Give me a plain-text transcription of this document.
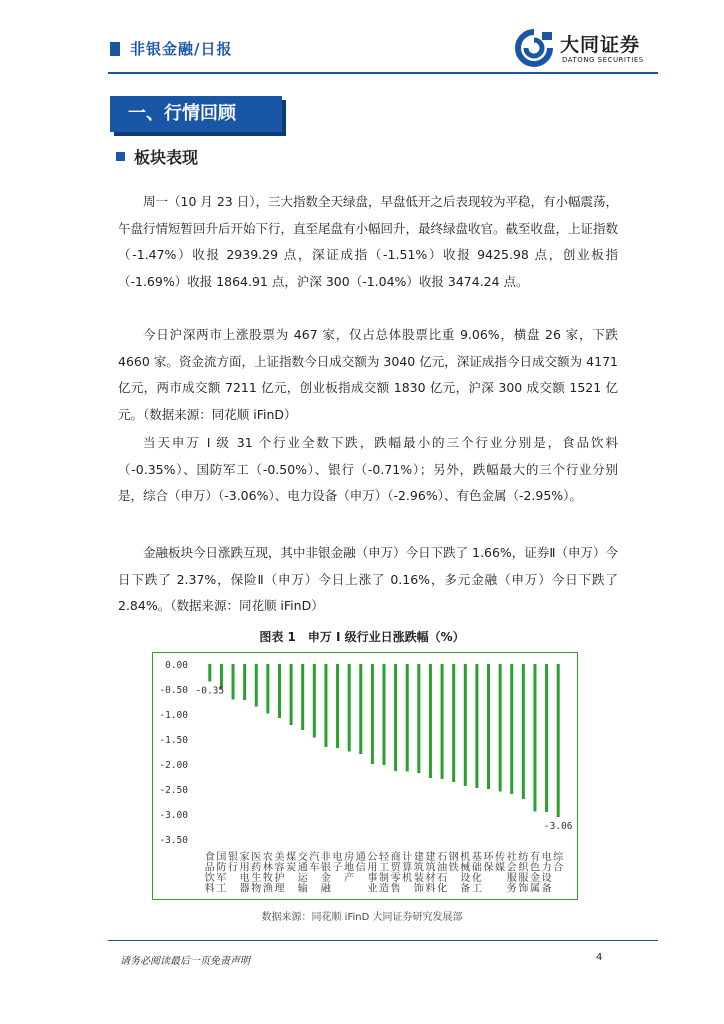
非银金融/日报	大同证券
DATONG SECURITIES
一、行情回顾
板块表现

周一（10 月 23 日），三大指数全天绿盘，早盘低开之后表现较为平稳，有小幅震荡，午盘行情短暂回升后开始下行，直至尾盘有小幅回升，最终绿盘收官。截至收盘，上证指数（-1.47%）收报 2939.29 点，深证成指（-1.51%）收报 9425.98 点，创业板指（-1.69%）收报 1864.91 点，沪深 300（-1.04%）收报 3474.24 点。

今日沪深两市上涨股票为 467 家，仅占总体股票比重 9.06%，横盘 26 家，下跌 4660 家。资金流方面，上证指数今日成交额为 3040 亿元，深证成指今日成交额为 4171 亿元，两市成交额 7211 亿元，创业板指成交额 1830 亿元，沪深 300 成交额 1521 亿元。（数据来源：同花顺 iFinD）

当天申万 I 级 31 个行业全数下跌，跌幅最小的三个行业分别是，食品饮料（-0.35%）、国防军工（-0.50%）、银行（-0.71%）；另外，跌幅最大的三个行业分别是，综合（申万）（-3.06%）、电力设备（申万）（-2.96%）、有色金属（-2.95%）。

金融板块今日涨跌互现，其中非银金融（申万）今日下跌了 1.66%，证券Ⅱ（申万）今日下跌了 2.37%，保险Ⅱ（申万）今日上涨了 0.16%，多元金融（申万）今日下跌了 2.84%。（数据来源：同花顺 iFinD）

图表 1　申万 I 级行业日涨跌幅（%）
0.00
-0.50
-1.00
-1.50
-2.00
-2.50
-3.00
-3.50
-0.35
-3.06
食品饮料
国防军工
银行
家用电器
医药生物
农林牧渔
美容护理
煤炭
交通运输
汽车
非银金融
电子
房地产
通信
公用事业
轻工制造
商贸零售
计算机
建筑装饰
建筑材料
石油石化
钢铁
机械设备
基础化工
环保
传媒
社会服务
纺织服饰
有色金属
电力设备
综合
数据来源：同花顺 iFinD 大同证券研究发展部
请务必阅读最后一页免责声明	4
